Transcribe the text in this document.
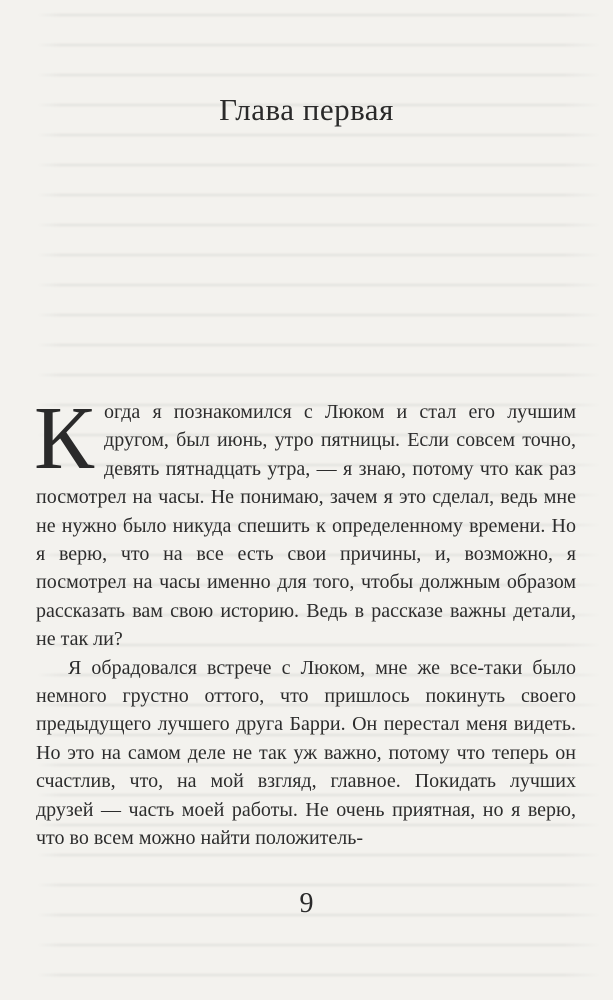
Глава первая

Когда я познакомился с Люком и стал его лучшим другом, был июнь, утро пятницы. Если совсем точно, девять пятнадцать утра, — я знаю, потому что как раз посмотрел на часы. Не понимаю, зачем я это сделал, ведь мне не нужно было никуда спешить к определенному времени. Но я верю, что на все есть свои причины, и, возможно, я посмотрел на часы именно для того, чтобы должным образом рассказать вам свою историю. Ведь в рассказе важны детали, не так ли?

Я обрадовался встрече с Люком, мне же все-таки было немного грустно оттого, что пришлось покинуть своего предыдущего лучшего друга Барри. Он перестал меня видеть. Но это на самом деле не так уж важно, потому что теперь он счастлив, что, на мой взгляд, главное. Покидать лучших друзей — часть моей работы. Не очень приятная, но я верю, что во всем можно найти положитель-

9
